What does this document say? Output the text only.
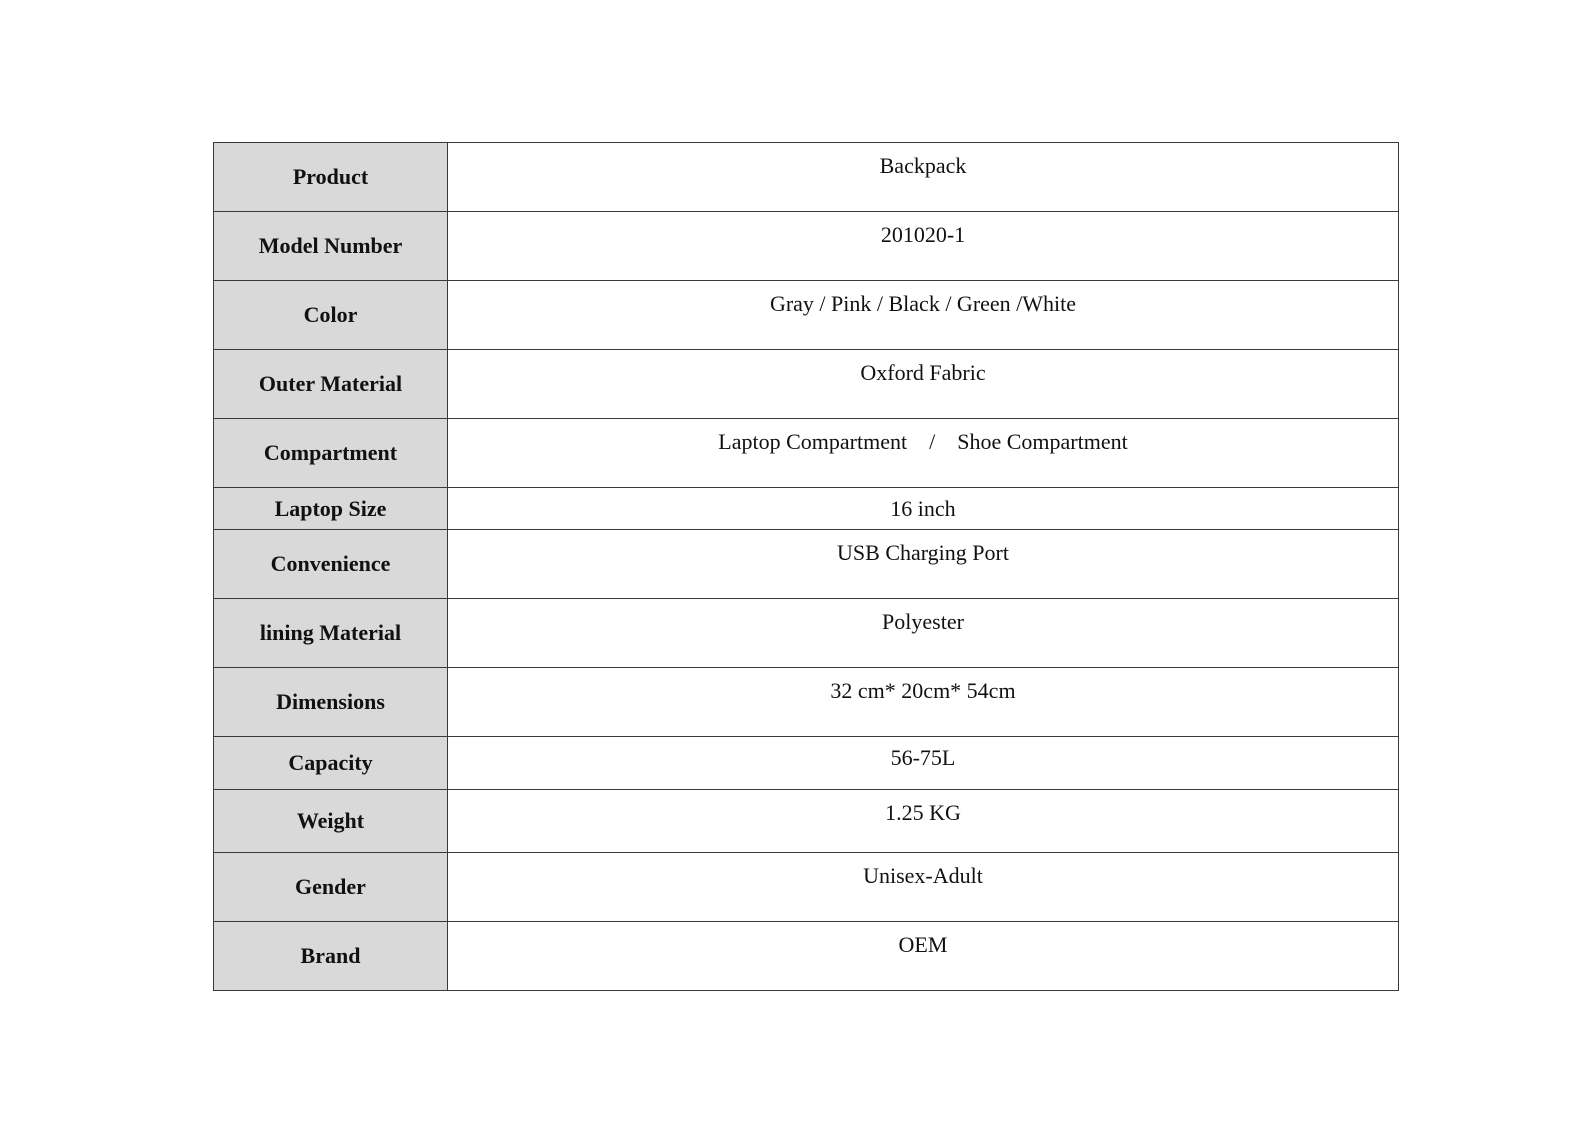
Product	Backpack
Model Number	201020-1
Color	Gray / Pink / Black / Green /White
Outer Material	Oxford Fabric
Compartment	Laptop Compartment / Shoe Compartment
Laptop Size	16 inch
Convenience	USB Charging Port
lining Material	Polyester
Dimensions	32 cm* 20cm* 54cm
Capacity	56-75L
Weight	1.25 KG
Gender	Unisex-Adult
Brand	OEM
